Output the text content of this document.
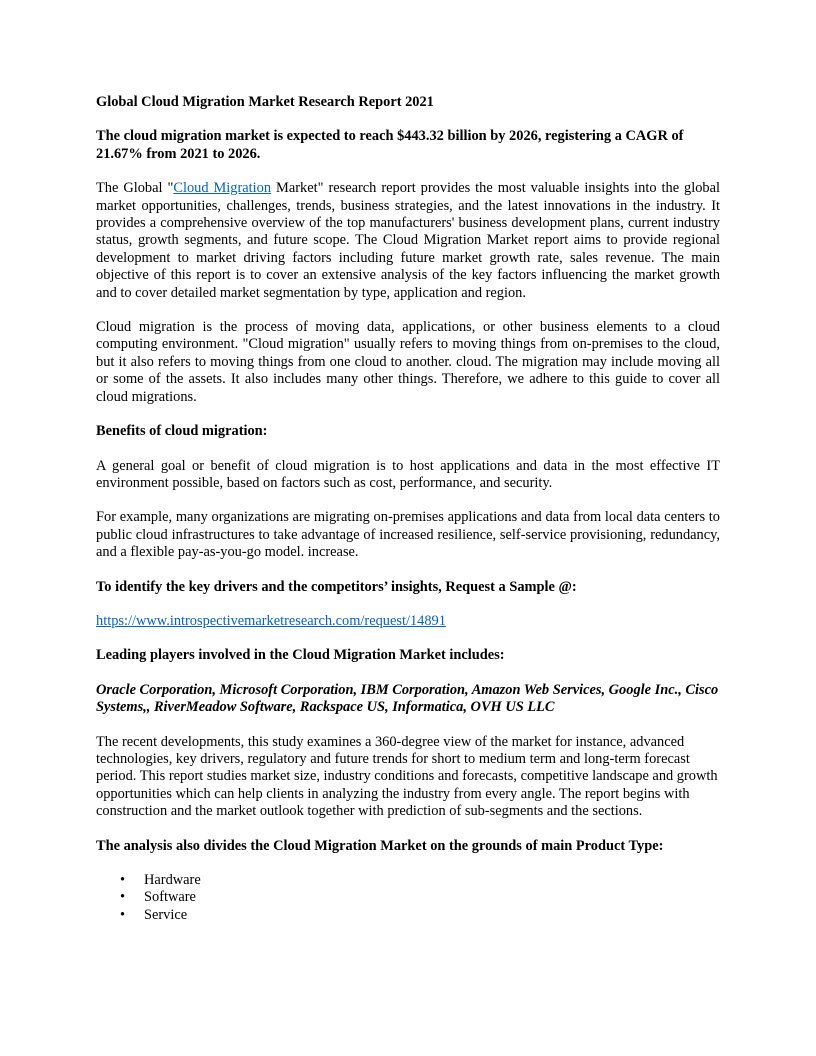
Global Cloud Migration Market Research Report 2021

The cloud migration market is expected to reach $443.32 billion by 2026, registering a CAGR of 21.67% from 2021 to 2026.

The Global "Cloud Migration Market" research report provides the most valuable insights into the global market opportunities, challenges, trends, business strategies, and the latest innovations in the industry. It provides a comprehensive overview of the top manufacturers' business development plans, current industry status, growth segments, and future scope. The Cloud Migration Market report aims to provide regional development to market driving factors including future market growth rate, sales revenue. The main objective of this report is to cover an extensive analysis of the key factors influencing the market growth and to cover detailed market segmentation by type, application and region.

Cloud migration is the process of moving data, applications, or other business elements to a cloud computing environment. "Cloud migration" usually refers to moving things from on-premises to the cloud, but it also refers to moving things from one cloud to another. cloud. The migration may include moving all or some of the assets. It also includes many other things. Therefore, we adhere to this guide to cover all cloud migrations.

Benefits of cloud migration:

A general goal or benefit of cloud migration is to host applications and data in the most effective IT environment possible, based on factors such as cost, performance, and security.

For example, many organizations are migrating on-premises applications and data from local data centers to public cloud infrastructures to take advantage of increased resilience, self-service provisioning, redundancy, and a flexible pay-as-you-go model. increase.

To identify the key drivers and the competitors’ insights, Request a Sample @:

https://www.introspectivemarketresearch.com/request/14891

Leading players involved in the Cloud Migration Market includes:

Oracle Corporation, Microsoft Corporation, IBM Corporation, Amazon Web Services, Google Inc., Cisco Systems,, RiverMeadow Software, Rackspace US, Informatica, OVH US LLC

The recent developments, this study examines a 360-degree view of the market for instance, advanced technologies, key drivers, regulatory and future trends for short to medium term and long-term forecast period. This report studies market size, industry conditions and forecasts, competitive landscape and growth opportunities which can help clients in analyzing the industry from every angle. The report begins with construction and the market outlook together with prediction of sub-segments and the sections.

The analysis also divides the Cloud Migration Market on the grounds of main Product Type:

• Hardware
• Software
• Service
